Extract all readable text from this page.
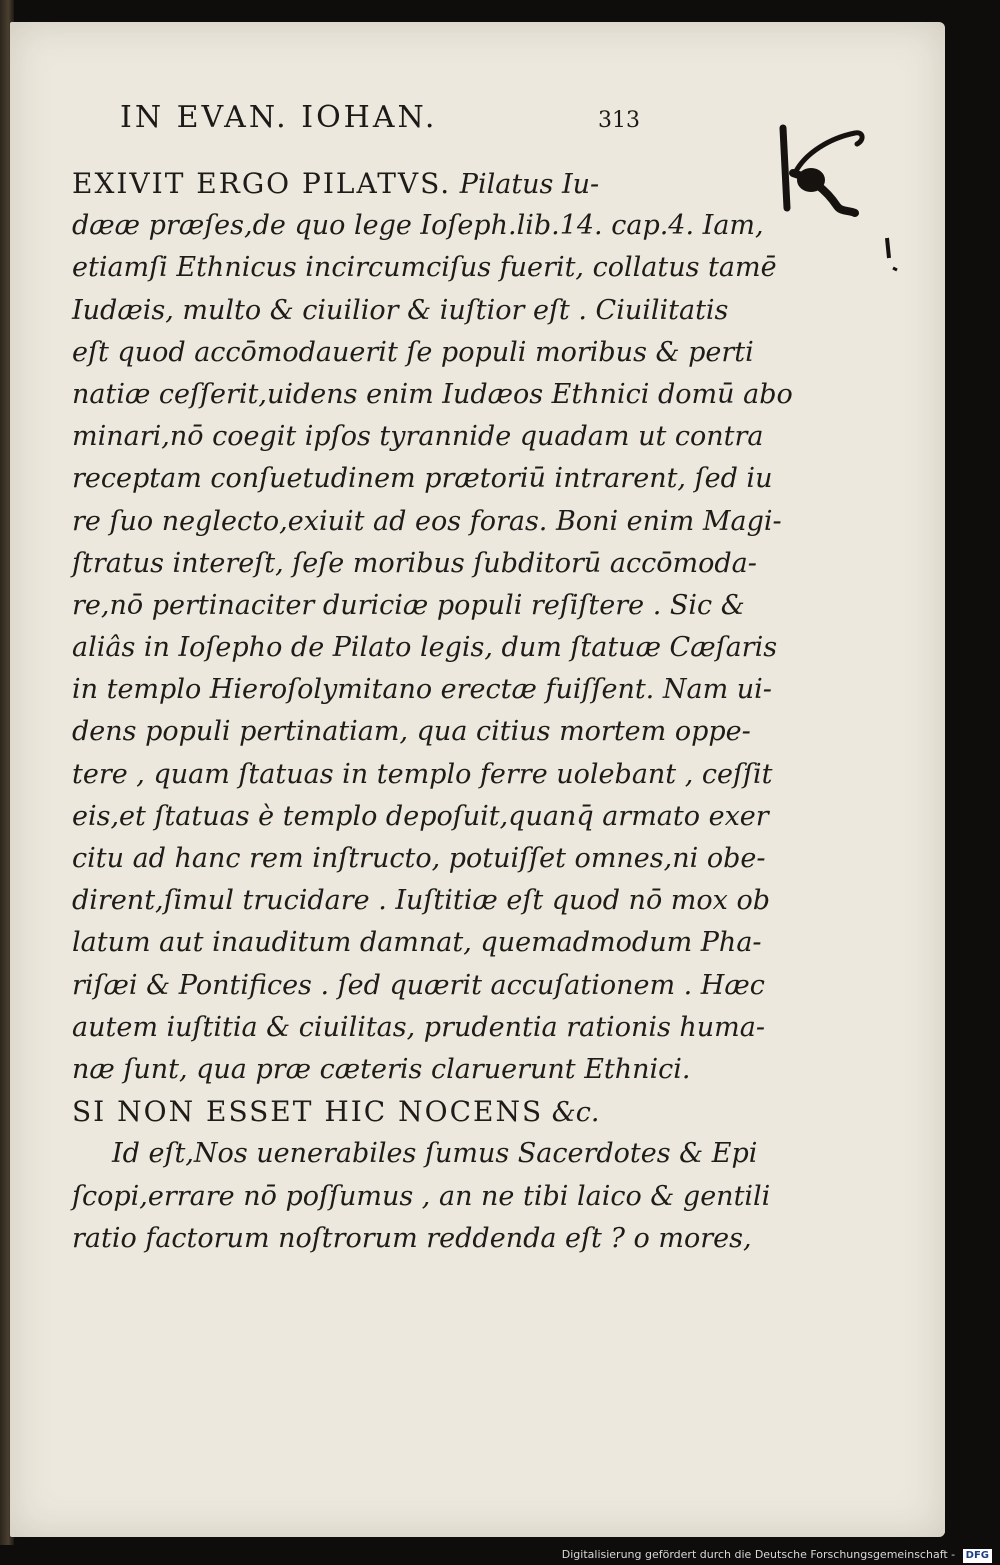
IN EVAN. IOHAN.	313
EXIVIT ERGO PILATVS. Pilatus Iu-
dææ præſes,de quo lege Ioſeph.lib.14. cap.4. Iam,
etiamſi Ethnicus incircumciſus fuerit, collatus tamē
Iudæis, multo & ciuilior & iuſtior eſt . Ciuilitatis
eſt quod accōmodauerit ſe populi moribus & perti
natiæ ceſſerit,uidens enim Iudæos Ethnici domū abo
minari,nō coegit ipſos tyrannide quadam ut contra
receptam conſuetudinem prætoriū intrarent, ſed iu
re ſuo neglecto,exiuit ad eos foras. Boni enim Magi-
ſtratus intereſt, ſeſe moribus ſubditorū accōmoda-
re,nō pertinaciter duriciæ populi reſiſtere . Sic &
aliâs in Ioſepho de Pilato legis, dum ſtatuæ Cæſaris
in templo Hieroſolymitano erectæ fuiſſent. Nam ui-
dens populi pertinatiam, qua citius mortem oppe-
tere , quam ſtatuas in templo ferre uolebant , ceſſit
eis,et ſtatuas è templo depoſuit,quanq̄ armato exer
citu ad hanc rem inſtructo, potuiſſet omnes,ni obe-
dirent,ſimul trucidare . Iuſtitiæ eſt quod nō mox ob
latum aut inauditum damnat, quemadmodum Pha-
riſæi & Pontifices . ſed quærit accuſationem . Hæc
autem iuſtitia & ciuilitas, prudentia rationis huma-
næ ſunt, qua præ cæteris claruerunt Ethnici.
SI NON ESSET HIC NOCENS &c.
Id eſt,Nos uenerabiles ſumus Sacerdotes & Epi
ſcopi,errare nō poſſumus , an ne tibi laico & gentili
ratio factorum noſtrorum reddenda eſt ? o mores,
Digitalisierung gefördert durch die Deutsche Forschungsgemeinschaft - DFG
